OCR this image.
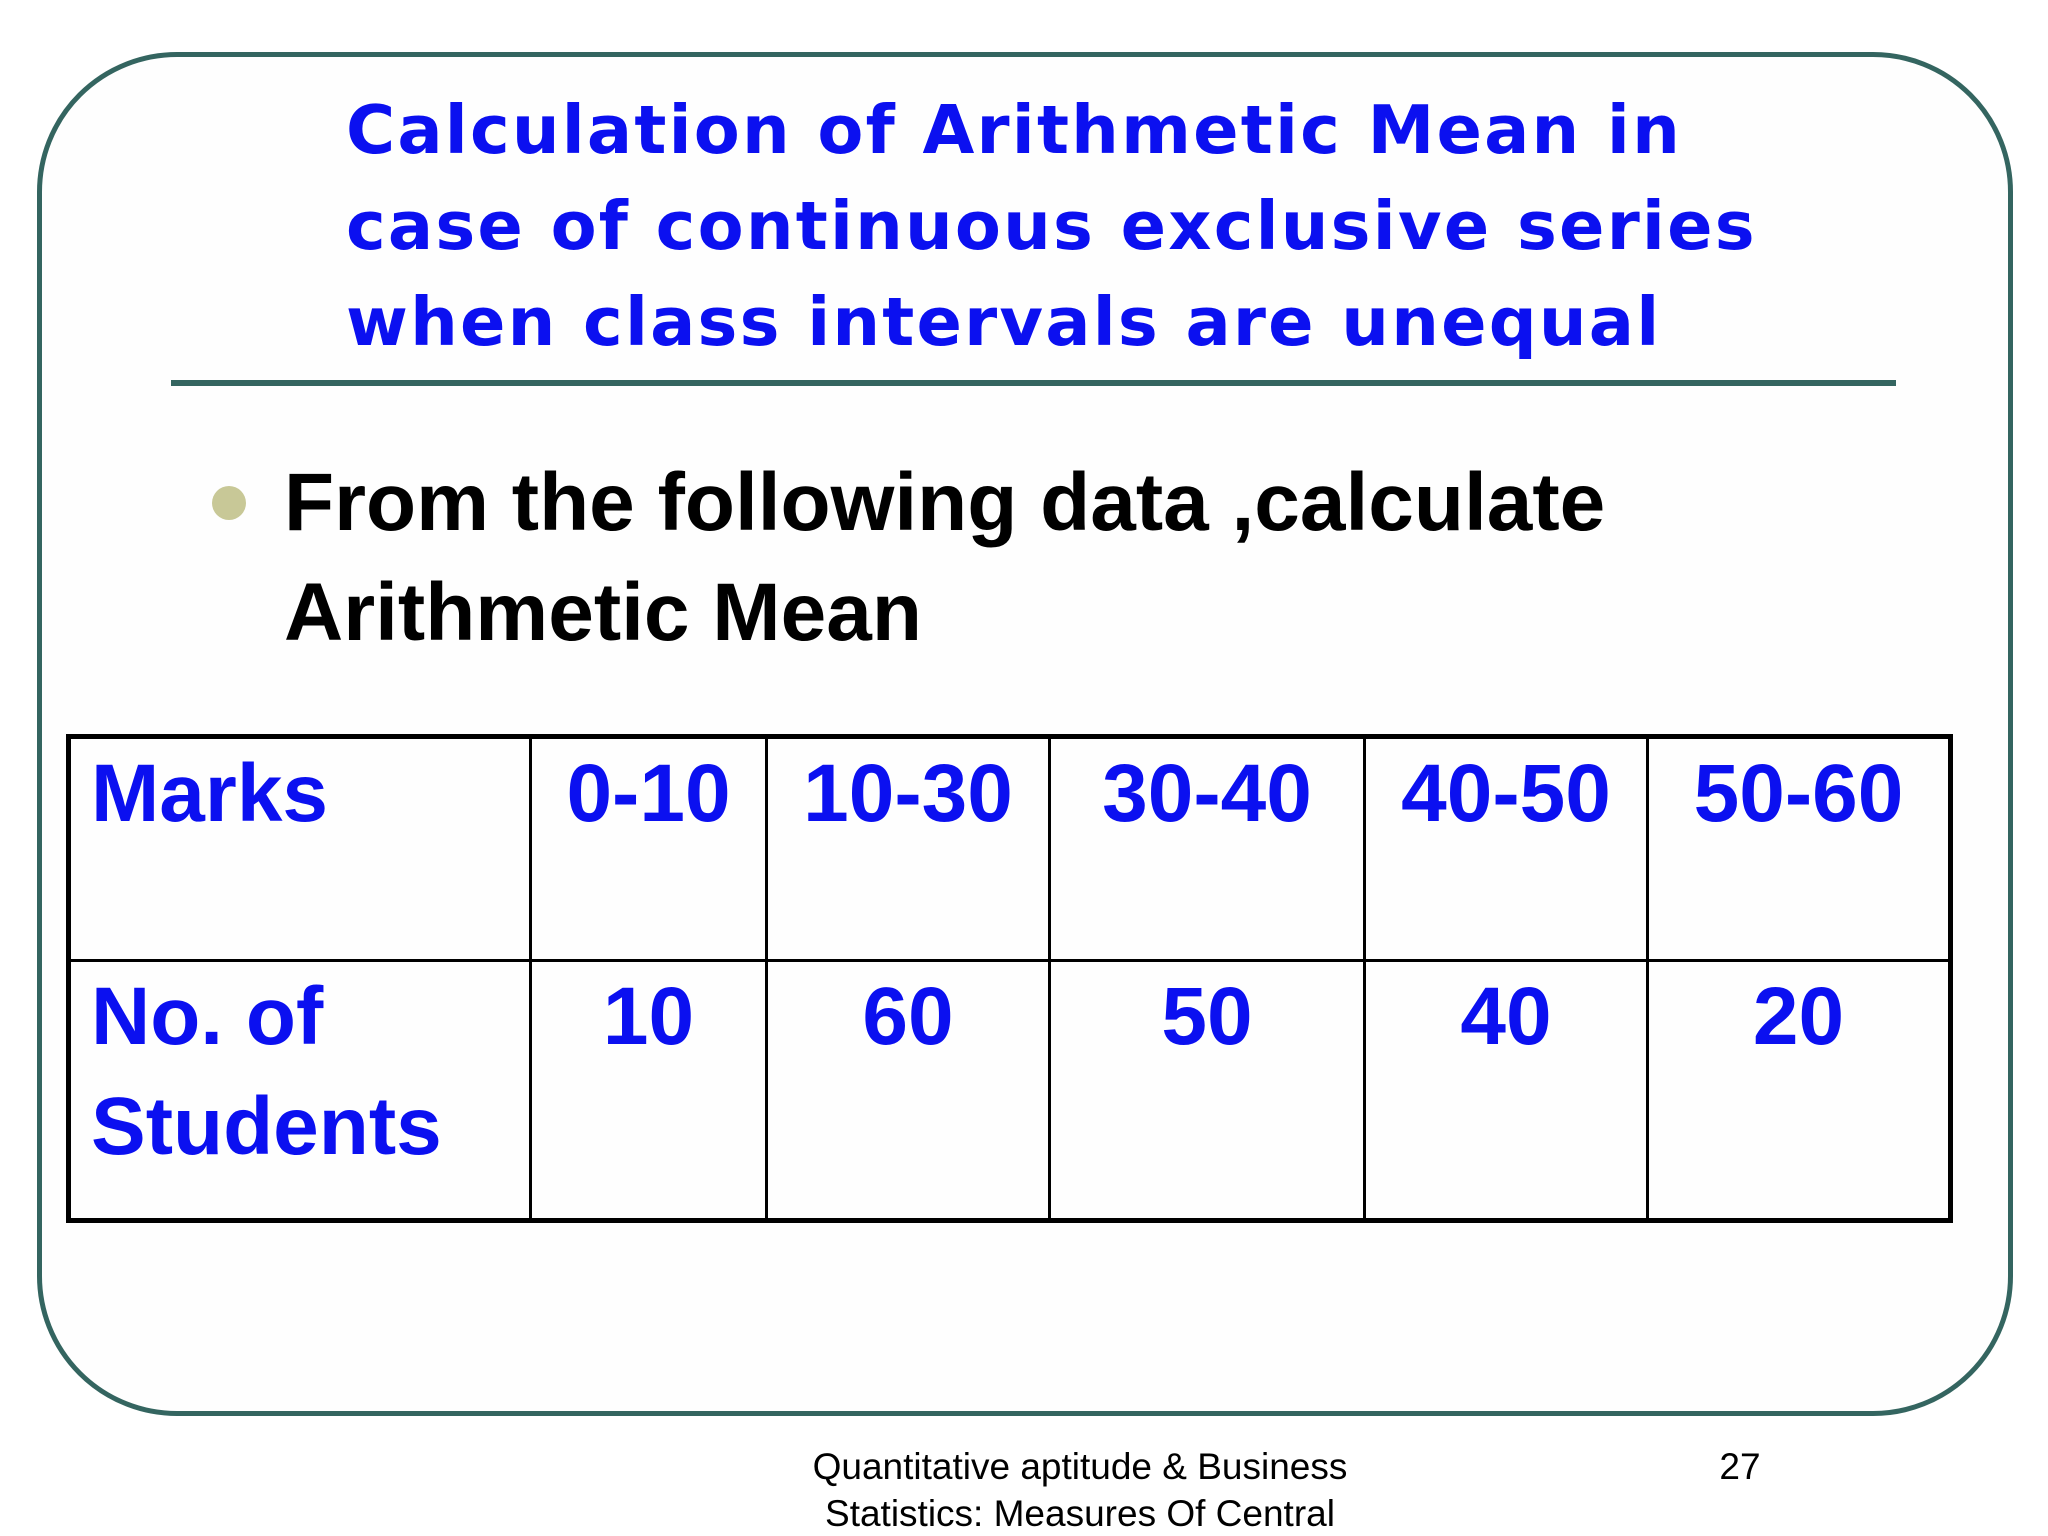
Calculation of Arithmetic Mean in
case of continuous exclusive series
when class intervals are unequal

From the following data ,calculate
Arithmetic Mean

Marks	0-10	10-30	30-40	40-50	50-60
No. of
Students	10	60	50	40	20

Quantitative aptitude & Business
Statistics: Measures Of Central

27
